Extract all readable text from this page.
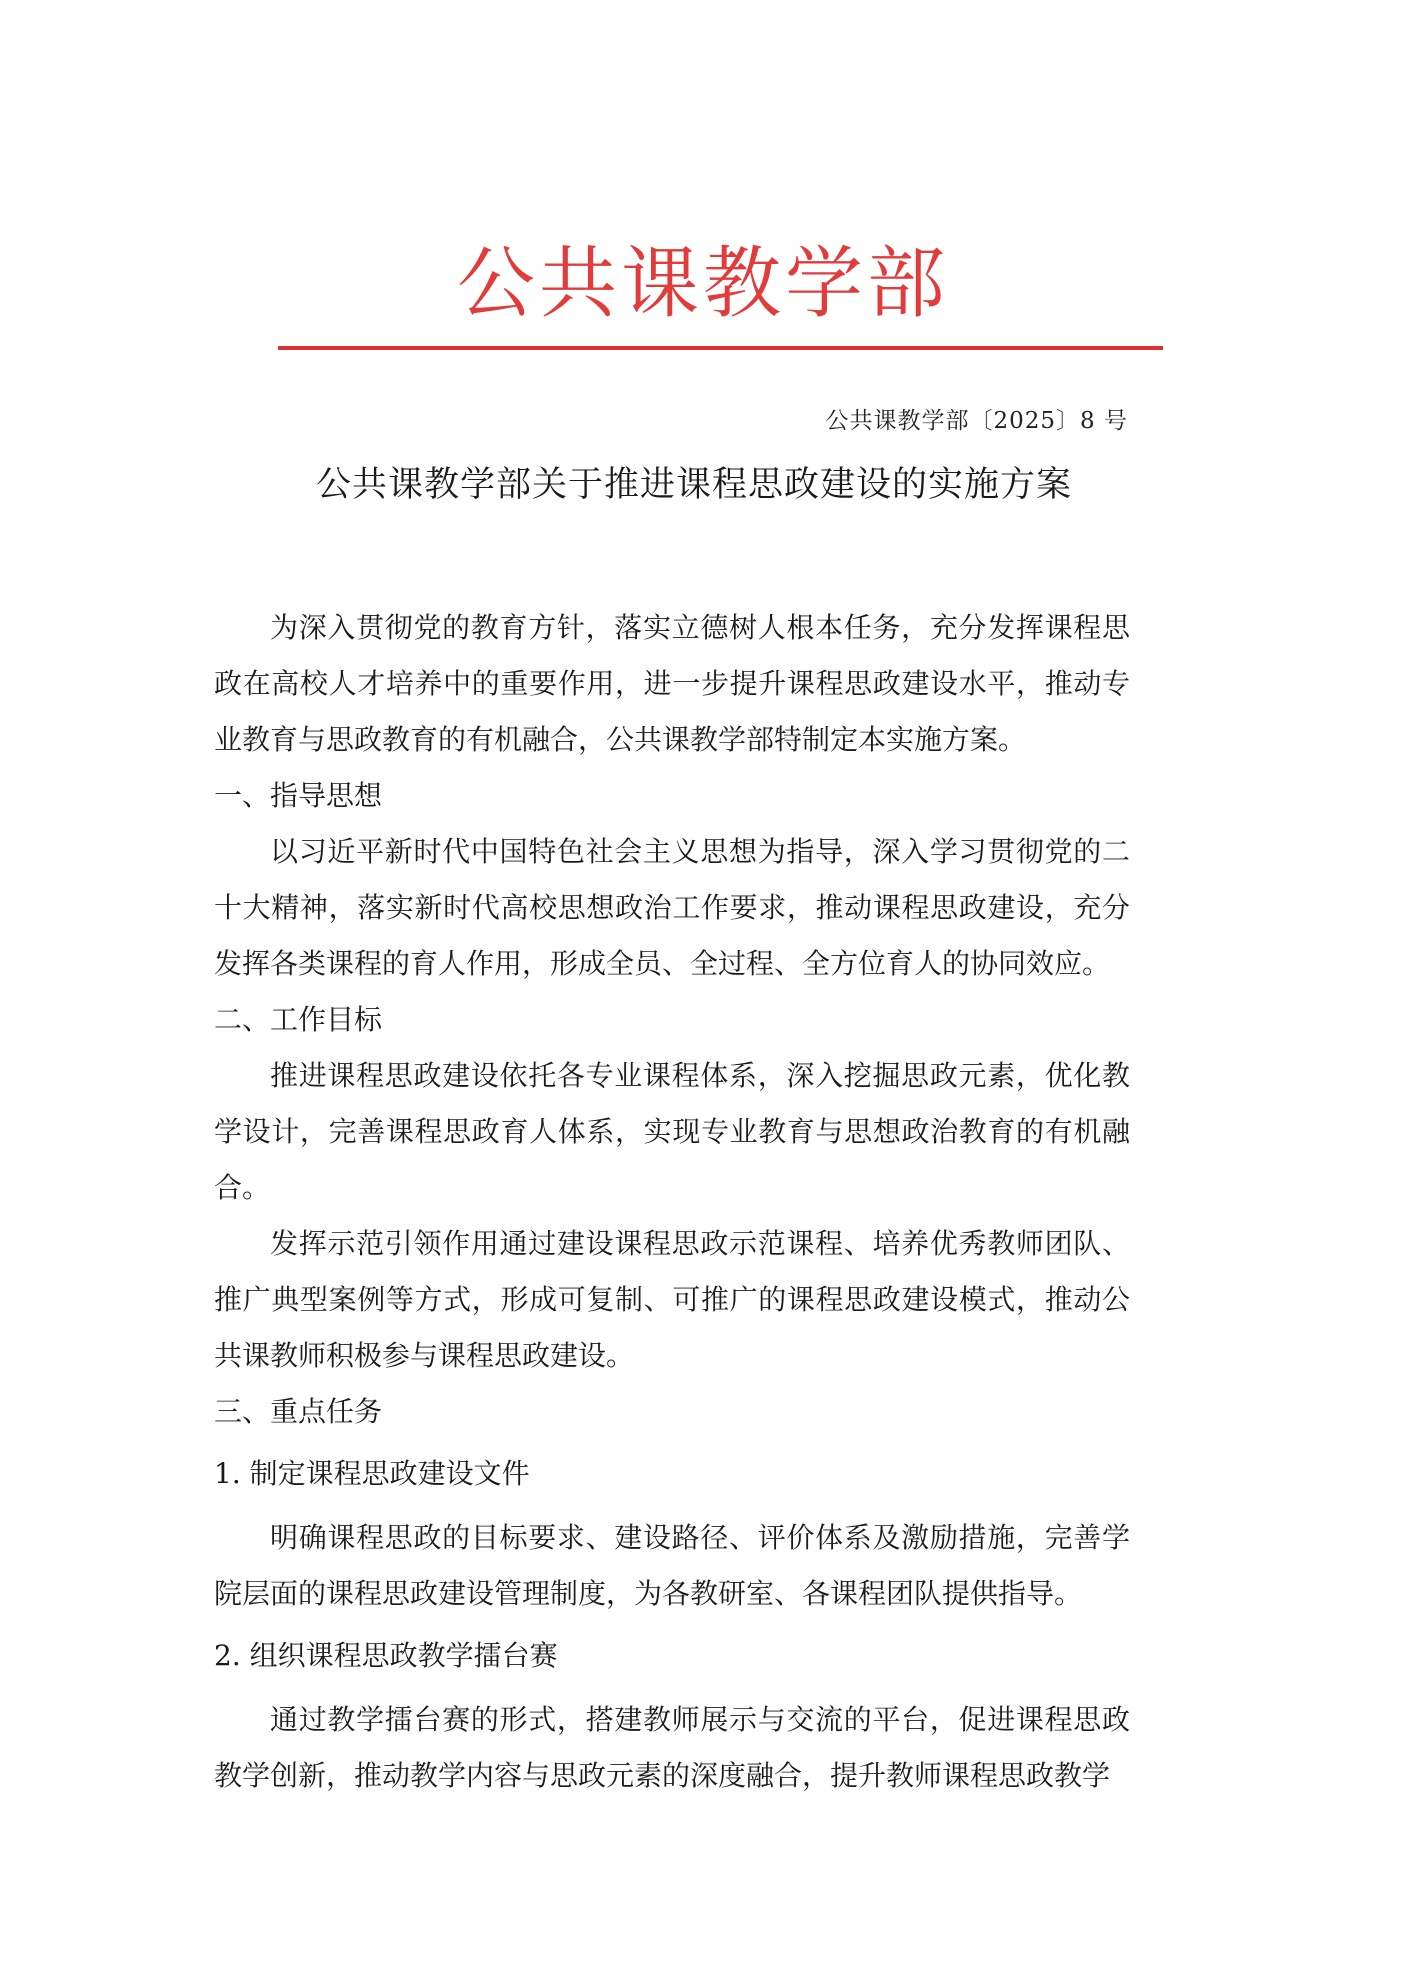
公共课教学部
公共课教学部〔2025〕8 号
公共课教学部关于推进课程思政建设的实施方案

为深入贯彻党的教育方针，落实立德树人根本任务，充分发挥课程思政在高校人才培养中的重要作用，进一步提升课程思政建设水平，推动专业教育与思政教育的有机融合，公共课教学部特制定本实施方案。

一、指导思想

以习近平新时代中国特色社会主义思想为指导，深入学习贯彻党的二十大精神，落实新时代高校思想政治工作要求，推动课程思政建设，充分发挥各类课程的育人作用，形成全员、全过程、全方位育人的协同效应。

二、工作目标

推进课程思政建设依托各专业课程体系，深入挖掘思政元素，优化教学设计，完善课程思政育人体系，实现专业教育与思想政治教育的有机融合。

发挥示范引领作用通过建设课程思政示范课程、培养优秀教师团队、推广典型案例等方式，形成可复制、可推广的课程思政建设模式，推动公共课教师积极参与课程思政建设。

三、重点任务
1. 制定课程思政建设文件

明确课程思政的目标要求、建设路径、评价体系及激励措施，完善学院层面的课程思政建设管理制度，为各教研室、各课程团队提供指导。

2. 组织课程思政教学擂台赛

通过教学擂台赛的形式，搭建教师展示与交流的平台，促进课程思政教学创新，推动教学内容与思政元素的深度融合，提升教师课程思政教学
